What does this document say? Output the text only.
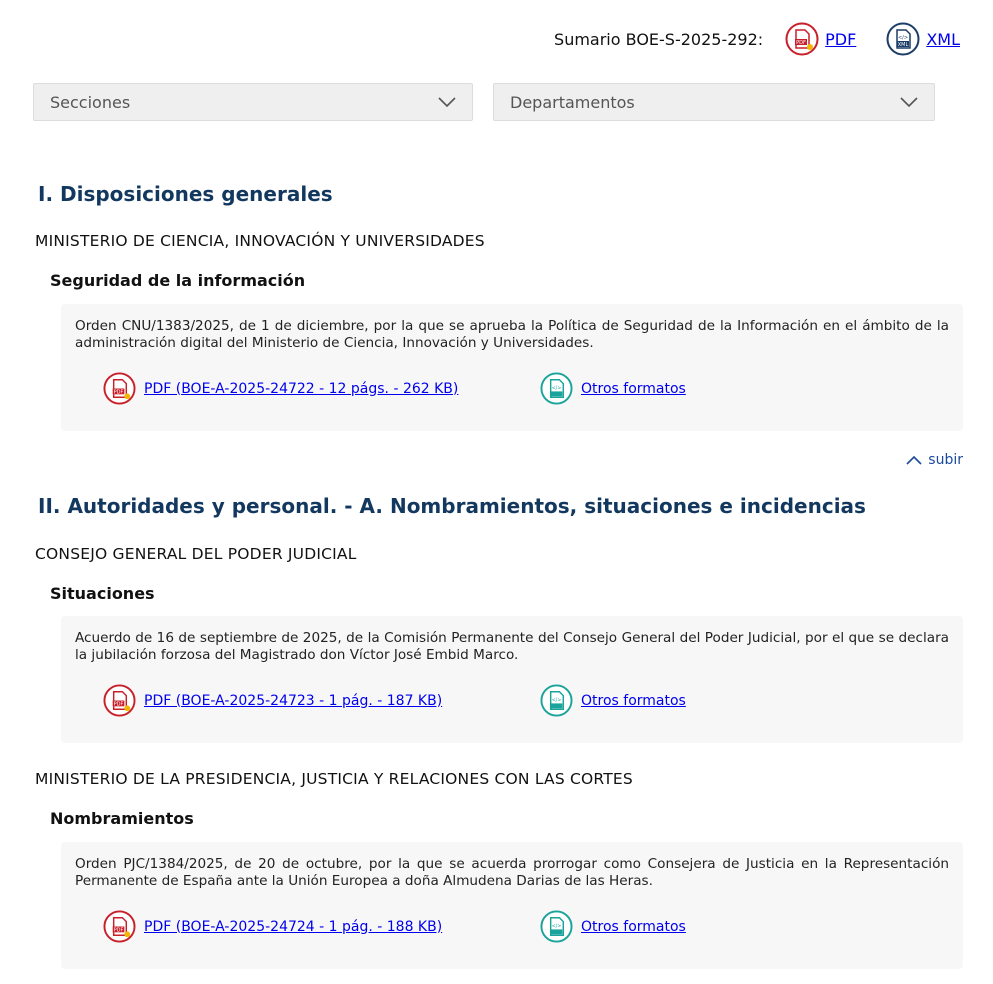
Sumario BOE-S-2025-292:	PDF PDF	</>
XML XML
Secciones	Departamentos
I. Disposiciones generales
MINISTERIO DE CIENCIA, INNOVACIÓN Y UNIVERSIDADES
Seguridad de la información

Orden CNU/1383/2025, de 1 de diciembre, por la que se aprueba la Política de Seguridad de la Información en el ámbito de la administración digital del Ministerio de Ciencia, Innovación y Universidades.

PDF PDF (BOE-A-2025-24722 - 12 págs. - 262 KB)	</> Otros formatos
subir
II. Autoridades y personal. - A. Nombramientos, situaciones e incidencias
CONSEJO GENERAL DEL PODER JUDICIAL
Situaciones

Acuerdo de 16 de septiembre de 2025, de la Comisión Permanente del Consejo General del Poder Judicial, por el que se declara la jubilación forzosa del Magistrado don Víctor José Embid Marco.

PDF PDF (BOE-A-2025-24723 - 1 pág. - 187 KB)	</> Otros formatos
MINISTERIO DE LA PRESIDENCIA, JUSTICIA Y RELACIONES CON LAS CORTES
Nombramientos

Orden PJC/1384/2025, de 20 de octubre, por la que se acuerda prorrogar como Consejera de Justicia en la Representación Permanente de España ante la Unión Europea a doña Almudena Darias de las Heras.

PDF PDF (BOE-A-2025-24724 - 1 pág. - 188 KB)	</> Otros formatos
